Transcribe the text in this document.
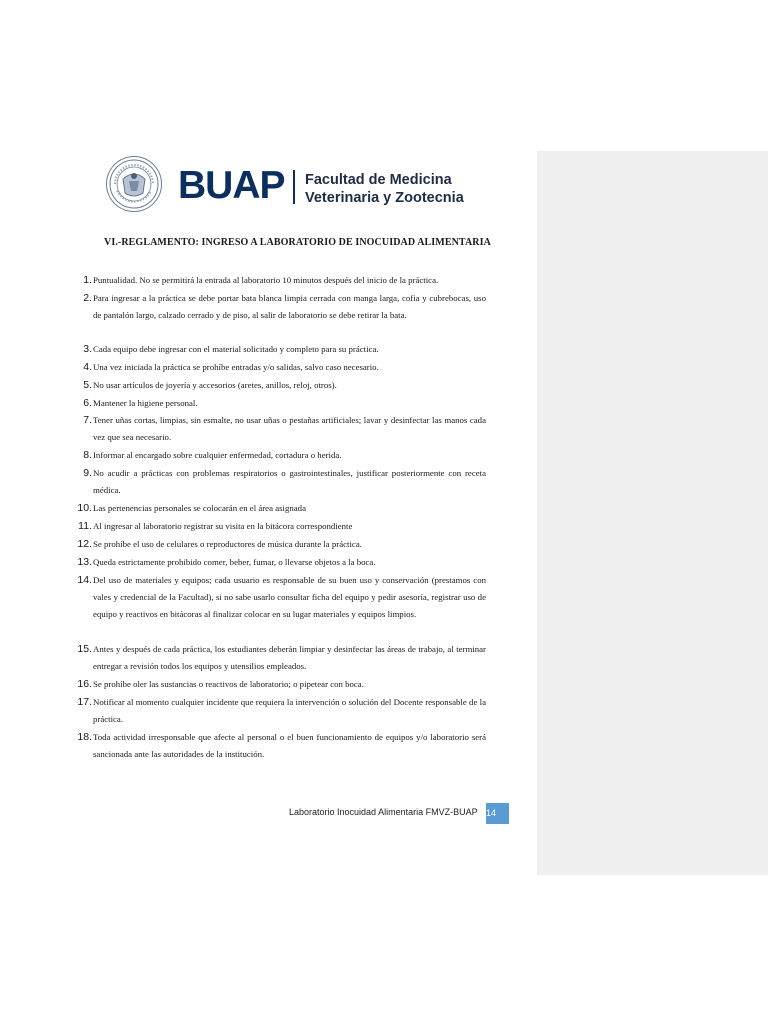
BUAP Facultad de Medicina
Veterinaria y Zootecnia
VI.-REGLAMENTO: INGRESO A LABORATORIO DE INOCUIDAD ALIMENTARIA
1. Puntualidad. No se permitirá la entrada al laboratorio 10 minutos después del inicio de la práctica.
2. Para ingresar a la práctica se debe portar bata blanca limpia cerrada con manga larga, cofia y cubrebocas, uso de pantalón largo, calzado cerrado y de piso, al salir de laboratorio se debe retirar la bata.
3. Cada equipo debe ingresar con el material solicitado y completo para su práctica.
4. Una vez iniciada la práctica se prohíbe entradas y/o salidas, salvo caso necesario.
5. No usar artículos de joyería y accesorios (aretes, anillos, reloj, otros).
6. Mantener la higiene personal.
7. Tener uñas cortas, limpias, sin esmalte, no usar uñas o pestañas artificiales; lavar y desinfectar las manos cada vez que sea necesario.
8. Informar al encargado sobre cualquier enfermedad, cortadura o herida.
9. No acudir a prácticas con problemas respiratorios o gastrointestinales, justificar posteriormente con receta médica.
10. Las pertenencias personales se colocarán en el área asignada
11. Al ingresar al laboratorio registrar su visita en la bitácora correspondiente
12. Se prohíbe el uso de celulares o reproductores de música durante la práctica.
13. Queda estrictamente prohibido comer, beber, fumar, o llevarse objetos a la boca.
14. Del uso de materiales y equipos; cada usuario es responsable de su buen uso y conservación (prestamos con vales y credencial de la Facultad), si no sabe usarlo consultar ficha del equipo y pedir asesoría, registrar uso de equipo y reactivos en bitácoras al finalizar colocar en su lugar materiales y equipos limpios.
15. Antes y después de cada práctica, los estudiantes deberán limpiar y desinfectar las áreas de trabajo, al terminar entregar a revisión todos los equipos y utensilios empleados.
16. Se prohíbe oler las sustancias o reactivos de laboratorio; o pipetear con boca.
17. Notificar al momento cualquier incidente que requiera la intervención o solución del Docente responsable de la práctica.
18. Toda actividad irresponsable que afecte al personal o el buen funcionamiento de equipos y/o laboratorio será sancionada ante las autoridades de la institución.
Laboratorio Inocuidad Alimentaria FMVZ-BUAP 14
